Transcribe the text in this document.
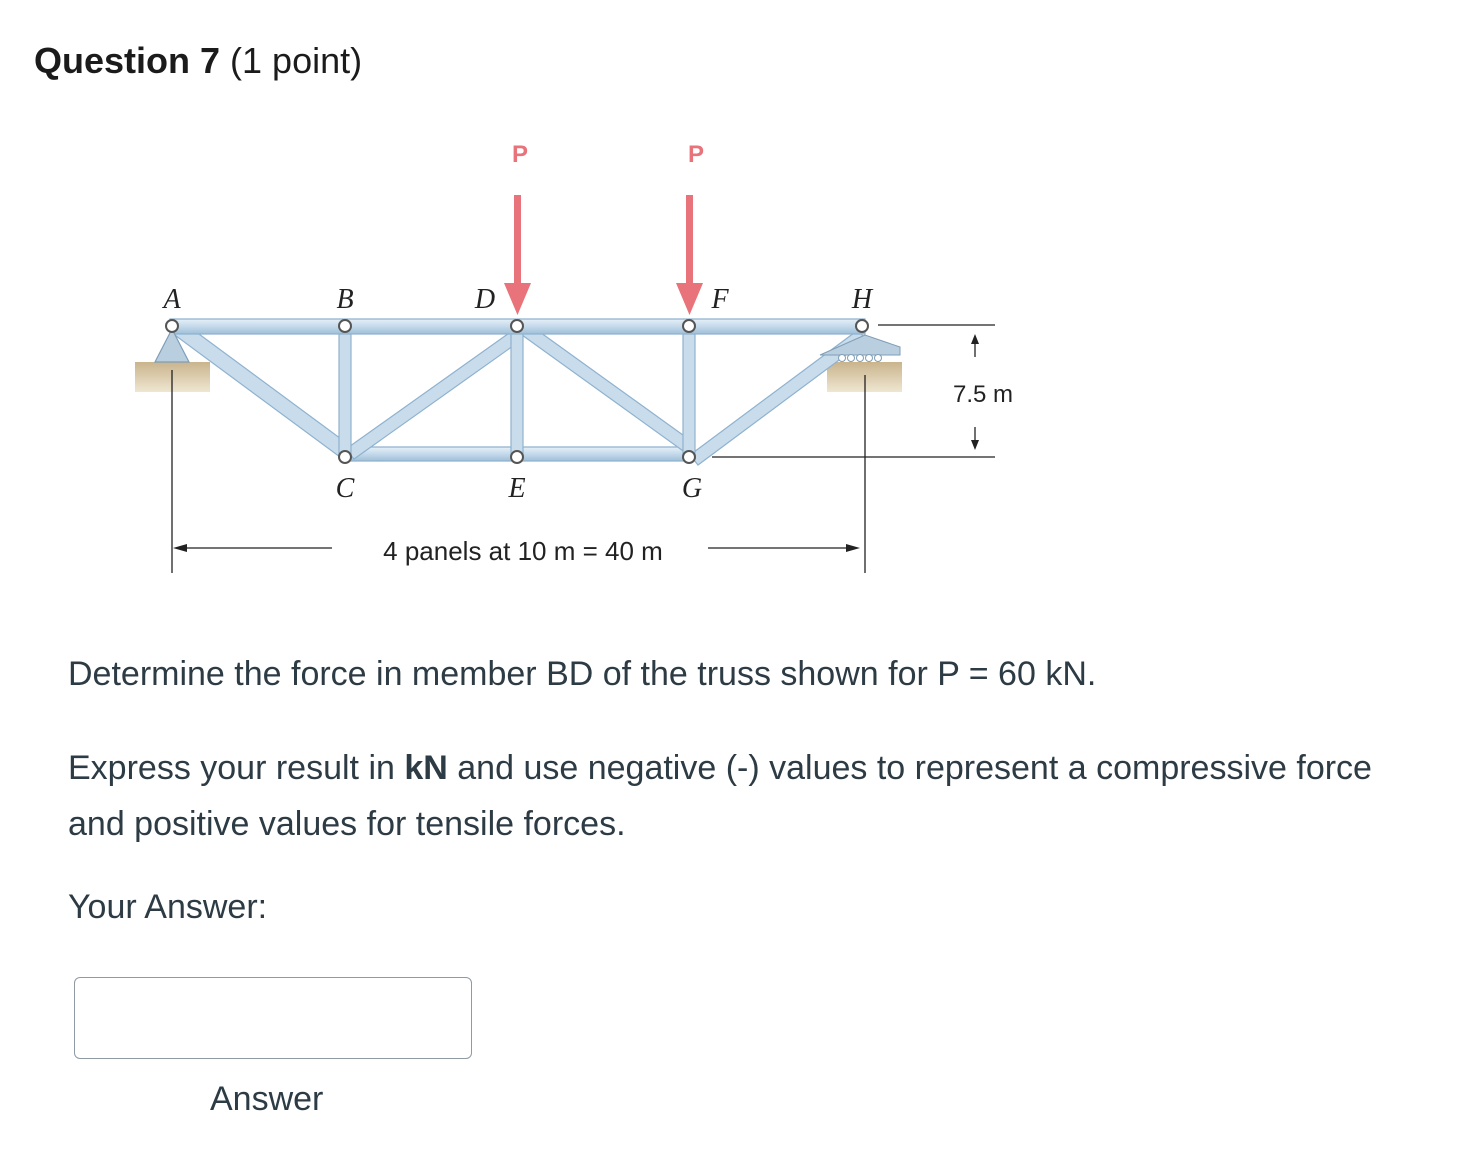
Question 7 (1 point)
P	P
A	B	D	F	H
C	E	G
7.5 m
4 panels at 10 m = 40 m
Determine the force in member BD of the truss shown for P = 60 kN.
Express your result in kN and use negative (-) values to represent a compressive force and positive values for tensile forces.
Your Answer:
Answer
